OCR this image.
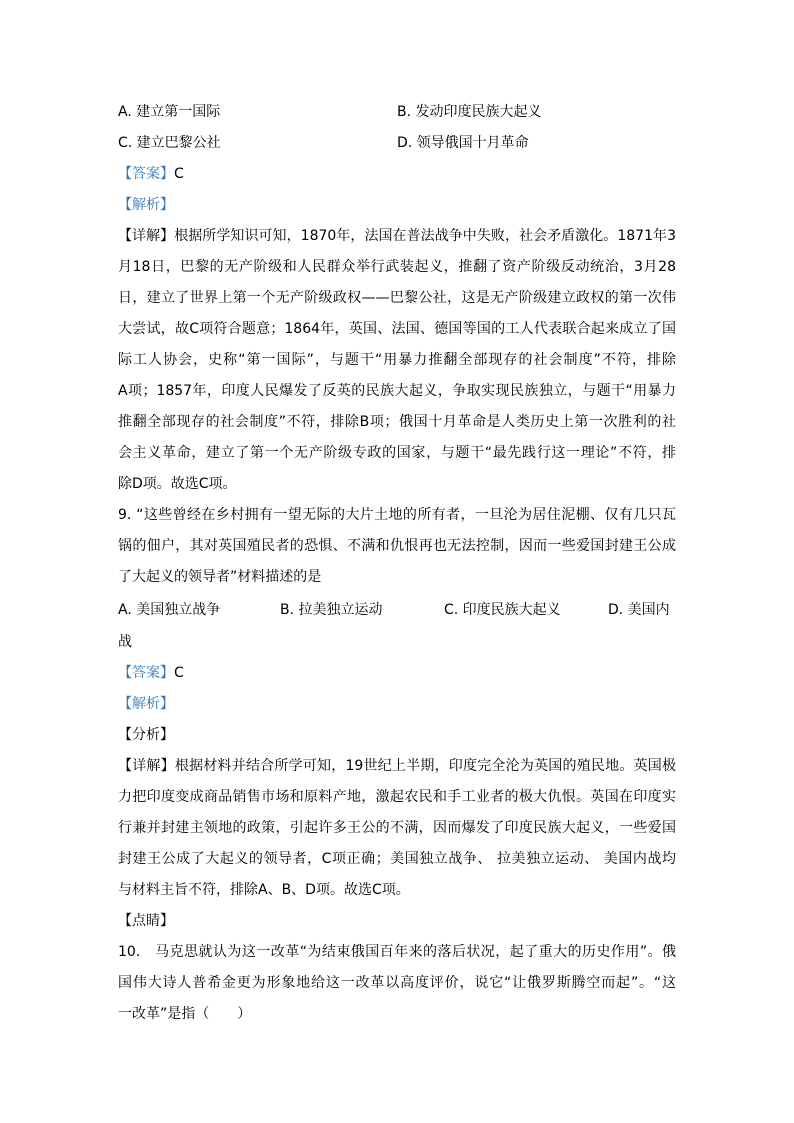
A. 建立第一国际	B. 发动印度民族大起义
C. 建立巴黎公社	D. 领导俄国十月革命
【答案】C
【解析】
【详解】根据所学知识可知，1870年，法国在普法战争中失败，社会矛盾激化。1871年3
月18日，巴黎的无产阶级和人民群众举行武装起义，推翻了资产阶级反动统治，3月28
日，建立了世界上第一个无产阶级政权——巴黎公社，这是无产阶级建立政权的第一次伟
大尝试，故C项符合题意；1864年，英国、法国、德国等国的工人代表联合起来成立了国
际工人协会，史称“第一国际”，与题干“用暴力推翻全部现存的社会制度”不符，排除
A项；1857年，印度人民爆发了反英的民族大起义，争取实现民族独立，与题干“用暴力
推翻全部现存的社会制度”不符，排除B项；俄国十月革命是人类历史上第一次胜利的社
会主义革命，建立了第一个无产阶级专政的国家，与题干“最先践行这一理论”不符，排
除D项。故选C项。
9. “这些曾经在乡村拥有一望无际的大片土地的所有者，一旦沦为居住泥棚、仅有几只瓦
锅的佃户，其对英国殖民者的恐惧、不满和仇恨再也无法控制，因而一些爱国封建王公成
了大起义的领导者”材料描述的是
A. 美国独立战争	B. 拉美独立运动	C. 印度民族大起义	D. 美国内
战
【答案】C
【解析】
【分析】
【详解】根据材料并结合所学可知，19世纪上半期，印度完全沦为英国的殖民地。英国极
力把印度变成商品销售市场和原料产地，激起农民和手工业者的极大仇恨。英国在印度实
行兼并封建主领地的政策，引起许多王公的不满，因而爆发了印度民族大起义，一些爱国
封建王公成了大起义的领导者，C项正确；美国独立战争、 拉美独立运动、 美国内战均
与材料主旨不符，排除A、B、D项。故选C项。
【点睛】
10.　马克思就认为这一改革“为结束俄国百年来的落后状况，起了重大的历史作用”。俄
国伟大诗人普希金更为形象地给这一改革以高度评价，说它“让俄罗斯腾空而起”。“这
一改革”是指（　　）
